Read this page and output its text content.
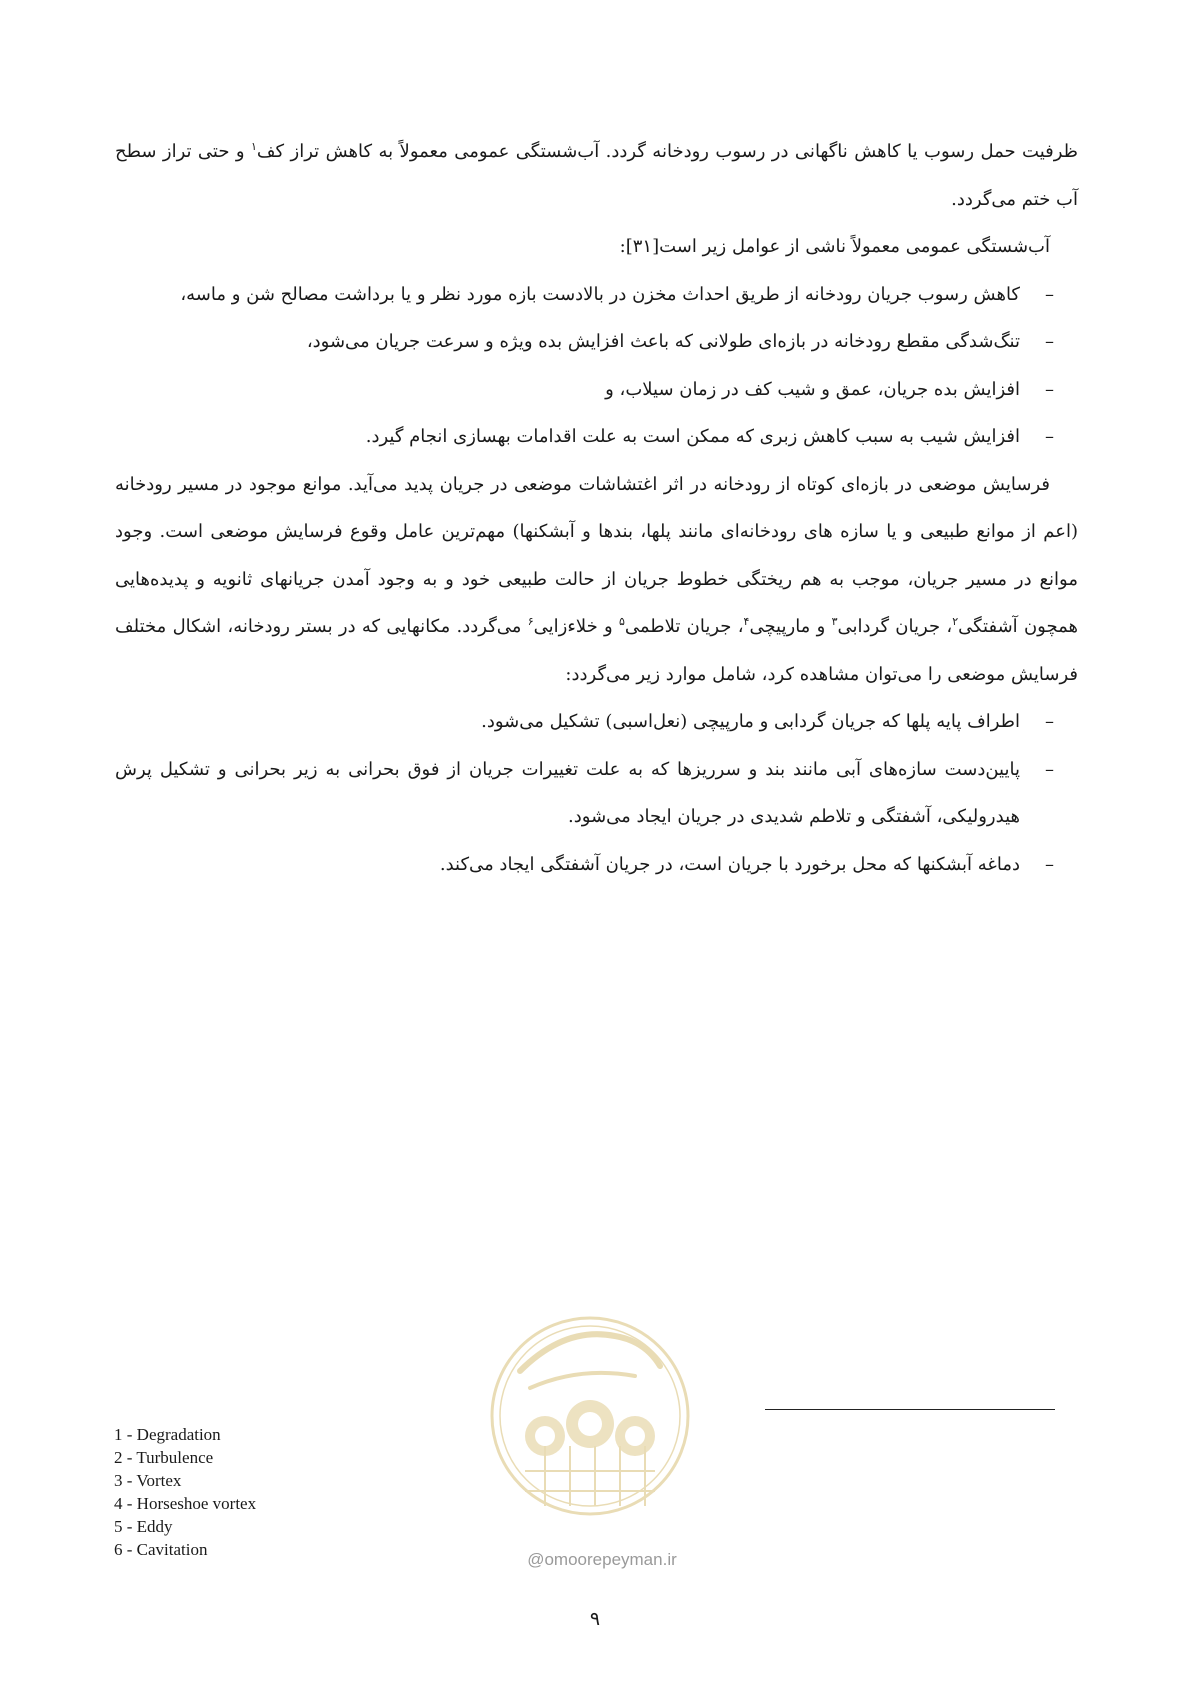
ظرفیت حمل رسوب یا کاهش ناگهانی در رسوب رودخانه گردد. آب‌شستگی عمومی معمولاً به کاهش تراز کف$^۱$ و حتی تراز سطح آب ختم می‌گردد.

آب‌شستگی عمومی معمولاً ناشی از عوامل زیر است[۳۱]:

–
کاهش رسوب جریان رودخانه از طریق احداث مخزن در بالادست بازه مورد نظر و یا برداشت مصالح شن و ماسه،
–
تنگ‌شدگی مقطع رودخانه در بازه‌ای طولانی که باعث افزایش بده ویژه و سرعت جریان می‌شود،
–
افزایش بده جریان، عمق و شیب کف در زمان سیلاب، و
–
افزایش شیب به سبب کاهش زبری که ممکن است به علت اقدامات بهسازی انجام گیرد.

فرسایش موضعی در بازه‌ای کوتاه از رودخانه در اثر اغتشاشات موضعی در جریان پدید می‌آید. موانع موجود در مسیر رودخانه (اعم از موانع طبیعی و یا سازه های رودخانه‌ای مانند پلها، بندها و آبشکنها) مهم‌ترین عامل وقوع فرسایش موضعی است. وجود موانع در مسیر جریان، موجب به هم ریختگی خطوط جریان از حالت طبیعی خود و به وجود آمدن جریانهای ثانویه و پدیده‌هایی همچون آشفتگی$^۲$، جریان گردابی$^۳$ و مارپیچی$^۴$، جریان تلاطمی$^۵$ و خلاءزایی$^۶$ می‌گردد. مکانهایی که در بستر رودخانه، اشکال مختلف فرسایش موضعی را می‌توان مشاهده کرد، شامل موارد زیر می‌گردد:

–
اطراف پایه پلها که جریان گردابی و مارپیچی (نعل‌اسبی) تشکیل می‌شود.
–
پایین‌دست سازه‌های آبی مانند بند و سرریزها که به علت تغییرات جریان از فوق بحرانی به زیر بحرانی و تشکیل پرش هیدرولیکی، آشفتگی و تلاطم شدیدی در جریان ایجاد می‌شود.
–
دماغه آبشکنها که محل برخورد با جریان است، در جریان آشفتگی ایجاد می‌کند.
1 - Degradation
2 - Turbulence
3 - Vortex
4 - Horseshoe vortex
5 - Eddy
6 - Cavitation
@omoorepeyman.ir
۹
